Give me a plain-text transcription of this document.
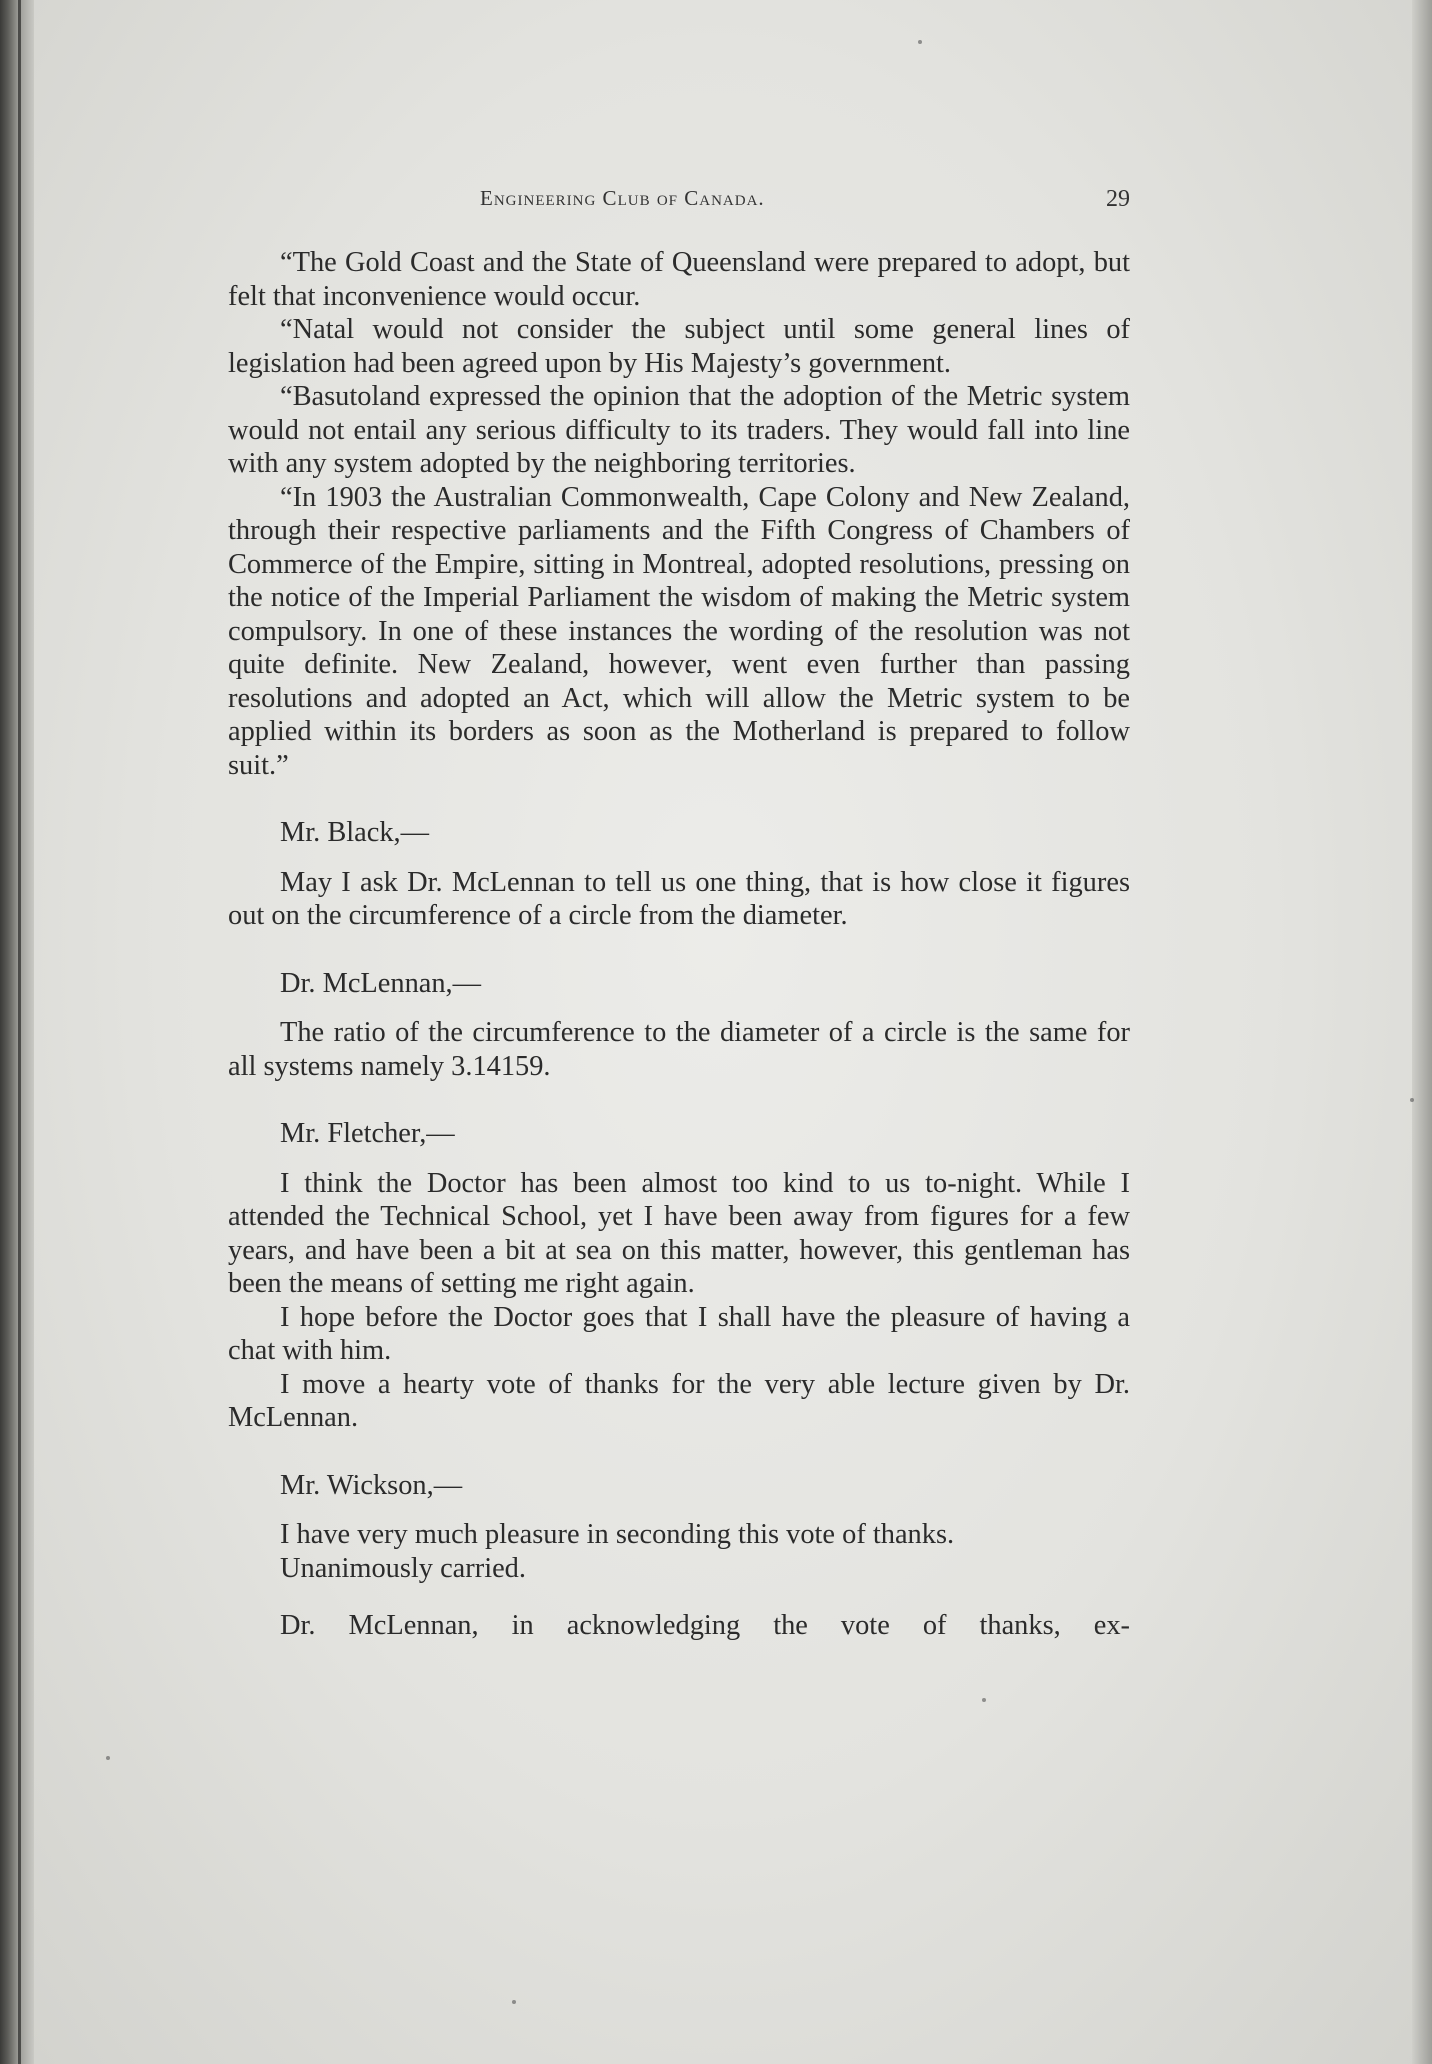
Engineering Club of Canada.	29

“The Gold Coast and the State of Queensland were prepared to adopt, but felt that inconvenience would occur.

“Natal would not consider the subject until some general lines of legislation had been agreed upon by His Majesty’s government.

“Basutoland expressed the opinion that the adoption of the Metric system would not entail any serious difficulty to its traders. They would fall into line with any system adopted by the neighboring territories.

“In 1903 the Australian Commonwealth, Cape Colony and New Zealand, through their respective parliaments and the Fifth Congress of Chambers of Commerce of the Empire, sitting in Montreal, adopted resolutions, pressing on the notice of the Imperial Parliament the wisdom of making the Metric system compulsory. In one of these instances the wording of the resolution was not quite definite. New Zealand, however, went even further than passing resolutions and adopted an Act, which will allow the Metric system to be applied within its borders as soon as the Motherland is prepared to follow suit.”

Mr. Black,—

May I ask Dr. McLennan to tell us one thing, that is how close it figures out on the circumference of a circle from the diameter.

Dr. McLennan,—

The ratio of the circumference to the diameter of a circle is the same for all systems namely 3.14159.

Mr. Fletcher,—

I think the Doctor has been almost too kind to us to-night. While I attended the Technical School, yet I have been away from figures for a few years, and have been a bit at sea on this matter, however, this gentleman has been the means of setting me right again.

I hope before the Doctor goes that I shall have the pleasure of having a chat with him.

I move a hearty vote of thanks for the very able lecture given by Dr. McLennan.

Mr. Wickson,—

I have very much pleasure in seconding this vote of thanks.

Unanimously carried.

Dr. McLennan, in acknowledging the vote of thanks, ex-
